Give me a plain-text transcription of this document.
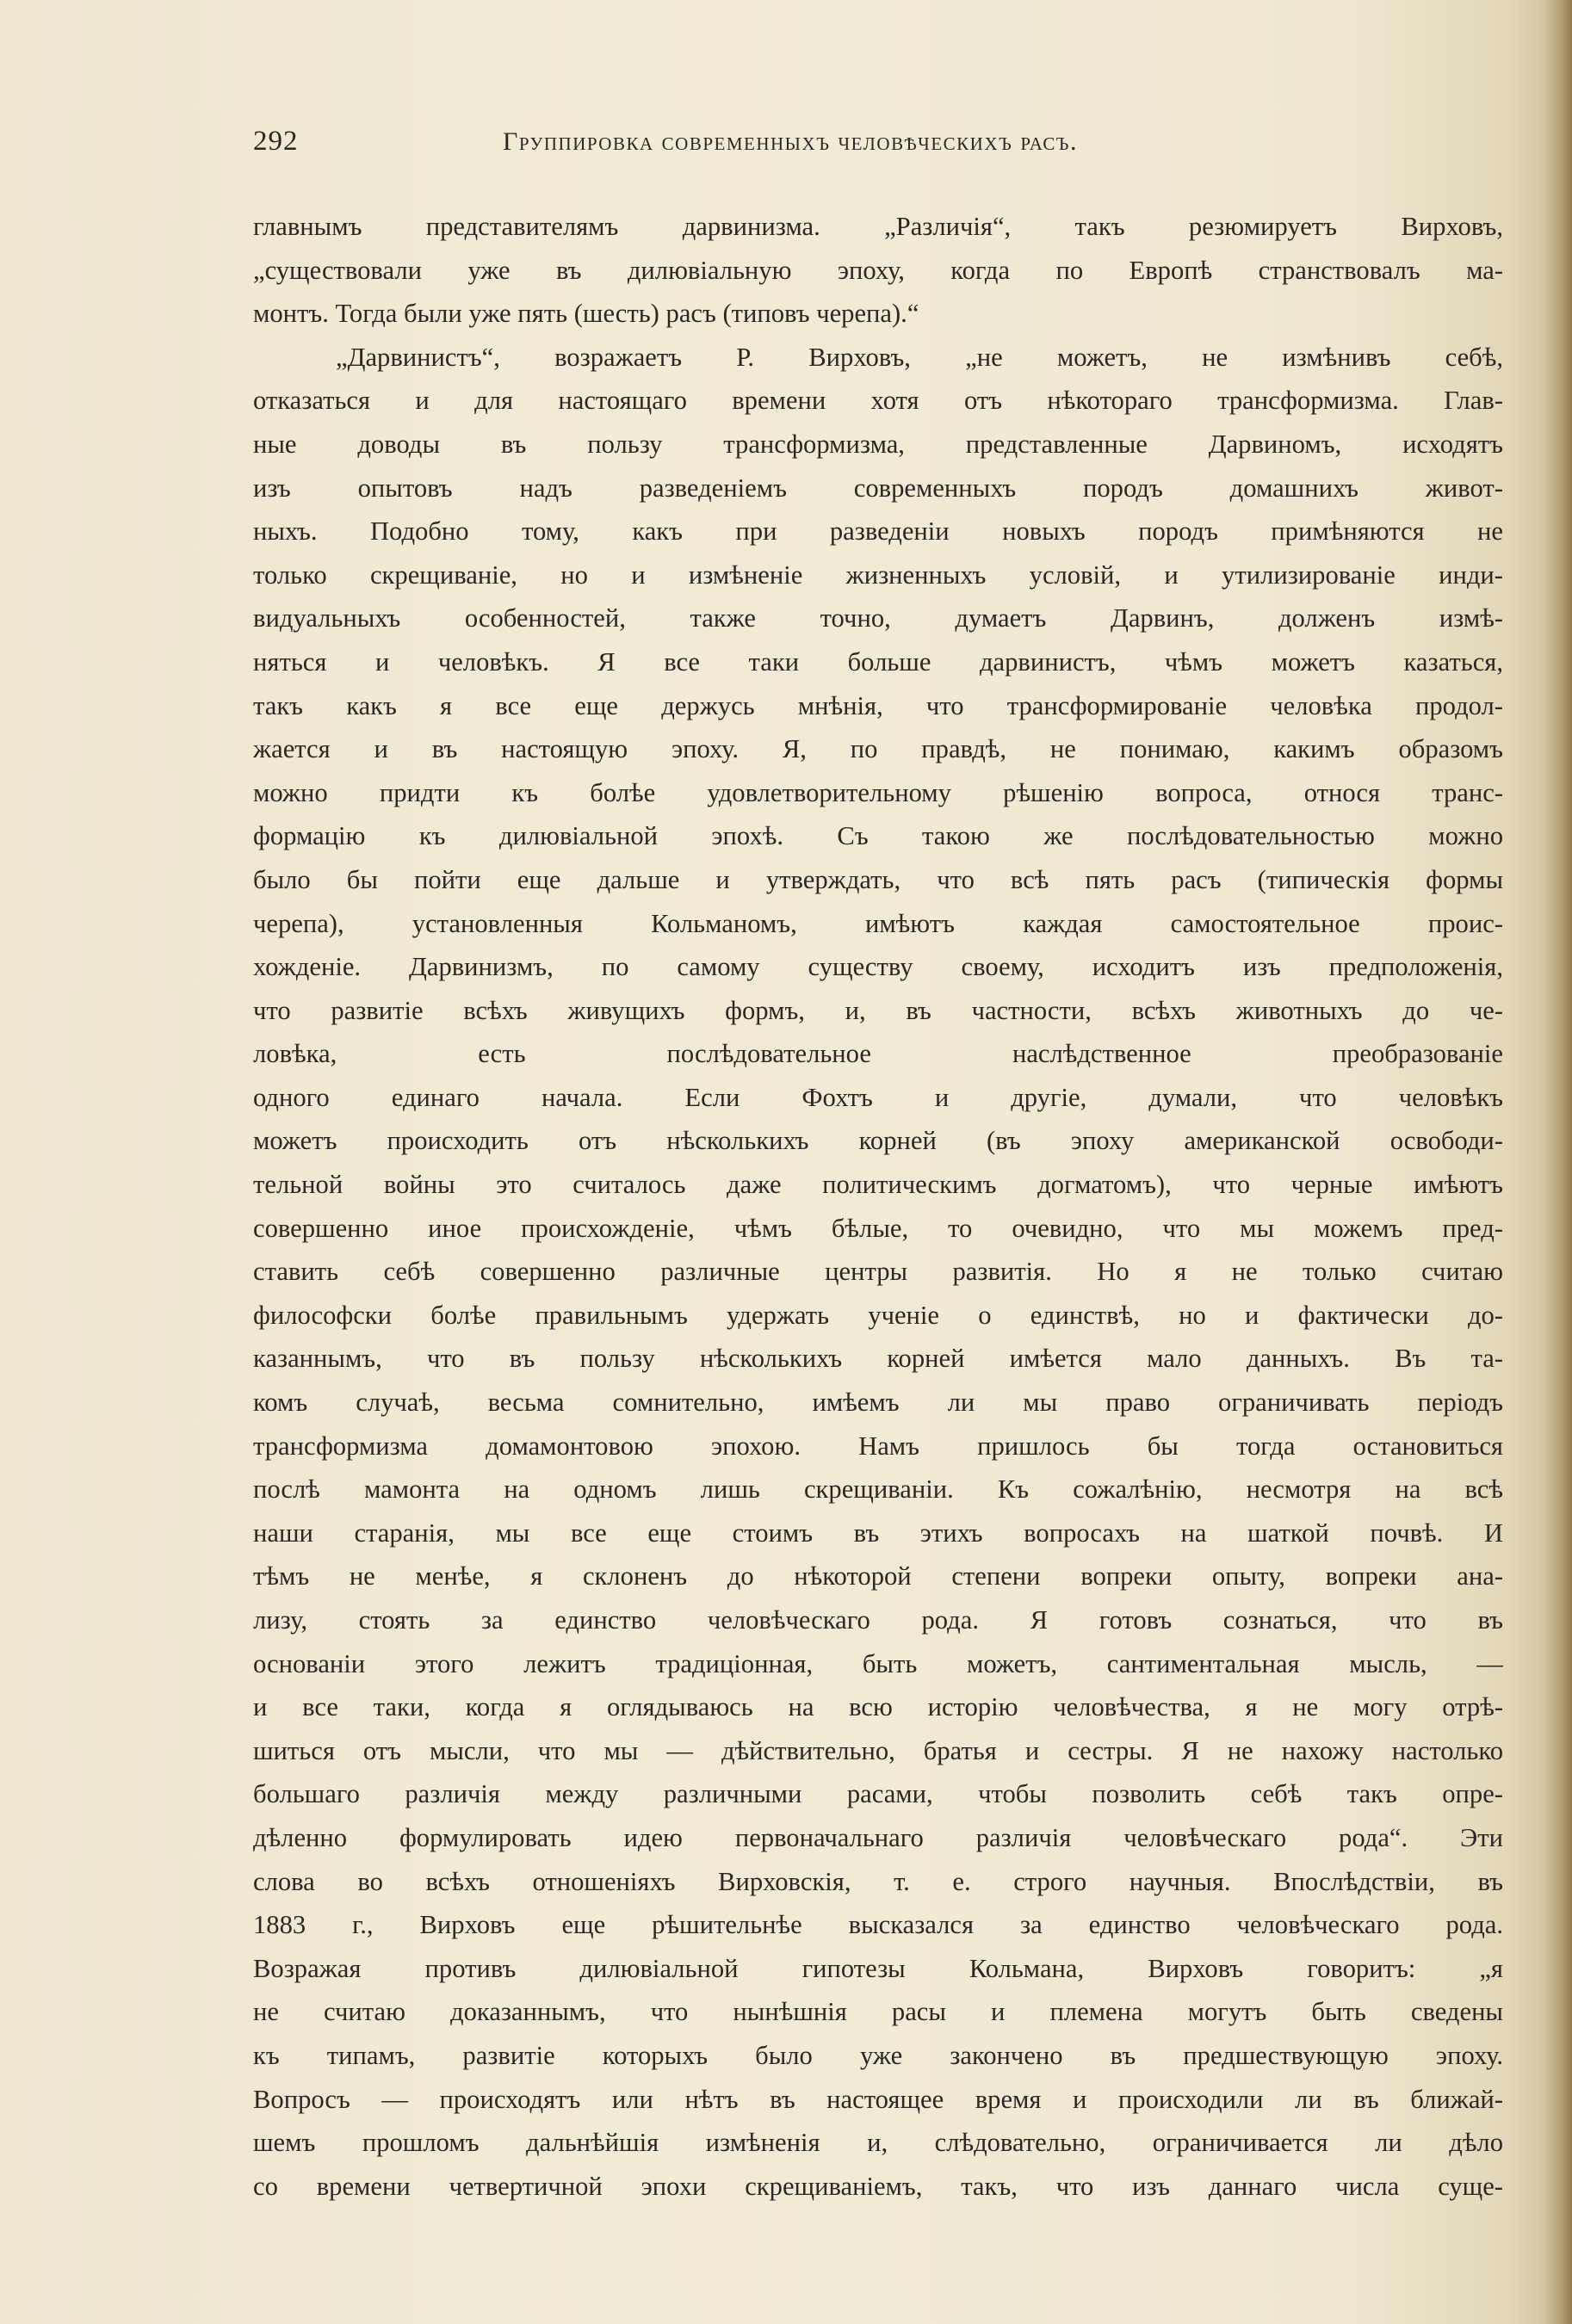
292	Группировка современныхъ человѣческихъ расъ.
главнымъ представителямъ дарвинизма. „Различія“, такъ резюмируетъ Вирховъ,
„существовали уже въ дилювіальную эпоху, когда по Европѣ странствовалъ ма-
монтъ. Тогда были уже пять (шесть) расъ (типовъ черепа).“
„Дарвинистъ“, возражаетъ Р. Вирховъ, „не можетъ, не измѣнивъ себѣ,
отказаться и для настоящаго времени хотя отъ нѣкотораго трансформизма. Глав-
ные доводы въ пользу трансформизма, представленные Дарвиномъ, исходятъ
изъ опытовъ надъ разведеніемъ современныхъ породъ домашнихъ живот-
ныхъ. Подобно тому, какъ при разведеніи новыхъ породъ примѣняются не
только скрещиваніе, но и измѣненіе жизненныхъ условій, и утилизированіе инди-
видуальныхъ особенностей, также точно, думаетъ Дарвинъ, долженъ измѣ-
няться и человѣкъ. Я все таки больше дарвинистъ, чѣмъ можетъ казаться,
такъ какъ я все еще держусь мнѣнія, что трансформированіе человѣка продол-
жается и въ настоящую эпоху. Я, по правдѣ, не понимаю, какимъ образомъ
можно придти къ болѣе удовлетворительному рѣшенію вопроса, относя транс-
формацію къ дилювіальной эпохѣ. Съ такою же послѣдовательностью можно
было бы пойти еще дальше и утверждать, что всѣ пять расъ (типическія формы
черепа), установленныя Кольманомъ, имѣютъ каждая самостоятельное проис-
хожденіе. Дарвинизмъ, по самому существу своему, исходитъ изъ предположенія,
что развитіе всѣхъ живущихъ формъ, и, въ частности, всѣхъ животныхъ до че-
ловѣка, есть послѣдовательное наслѣдственное преобразованіе
одного единаго начала. Если Фохтъ и другіе, думали, что человѣкъ
можетъ происходить отъ нѣсколькихъ корней (въ эпоху американской освободи-
тельной войны это считалось даже политическимъ догматомъ), что черные имѣютъ
совершенно иное происхожденіе, чѣмъ бѣлые, то очевидно, что мы можемъ пред-
ставить себѣ совершенно различные центры развитія. Но я не только считаю
философски болѣе правильнымъ удержать ученіе о единствѣ, но и фактически до-
казаннымъ, что въ пользу нѣсколькихъ корней имѣется мало данныхъ. Въ та-
комъ случаѣ, весьма сомнительно, имѣемъ ли мы право ограничивать періодъ
трансформизма домамонтовою эпохою. Намъ пришлось бы тогда остановиться
послѣ мамонта на одномъ лишь скрещиваніи. Къ сожалѣнію, несмотря на всѣ
наши старанія, мы все еще стоимъ въ этихъ вопросахъ на шаткой почвѣ. И
тѣмъ не менѣе, я склоненъ до нѣкоторой степени вопреки опыту, вопреки ана-
лизу, стоять за единство человѣческаго рода. Я готовъ сознаться, что въ
основаніи этого лежитъ традиціонная, быть можетъ, сантиментальная мысль, —
и все таки, когда я оглядываюсь на всю исторію человѣчества, я не могу отрѣ-
шиться отъ мысли, что мы — дѣйствительно, братья и сестры. Я не нахожу настолько
большаго различія между различными расами, чтобы позволить себѣ такъ опре-
дѣленно формулировать идею первоначальнаго различія человѣческаго рода“. Эти
слова во всѣхъ отношеніяхъ Вирховскія, т. е. строго научныя. Впослѣдствіи, въ
1883 г., Вирховъ еще рѣшительнѣе высказался за единство человѣческаго рода.
Возражая противъ дилювіальной гипотезы Кольмана, Вирховъ говоритъ: „я
не считаю доказаннымъ, что нынѣшнія расы и племена могутъ быть сведены
къ типамъ, развитіе которыхъ было уже закончено въ предшествующую эпоху.
Вопросъ — происходятъ или нѣтъ въ настоящее время и происходили ли въ ближай-
шемъ прошломъ дальнѣйшія измѣненія и, слѣдовательно, ограничивается ли дѣло
со времени четвертичной эпохи скрещиваніемъ, такъ, что изъ даннаго числа суще-
